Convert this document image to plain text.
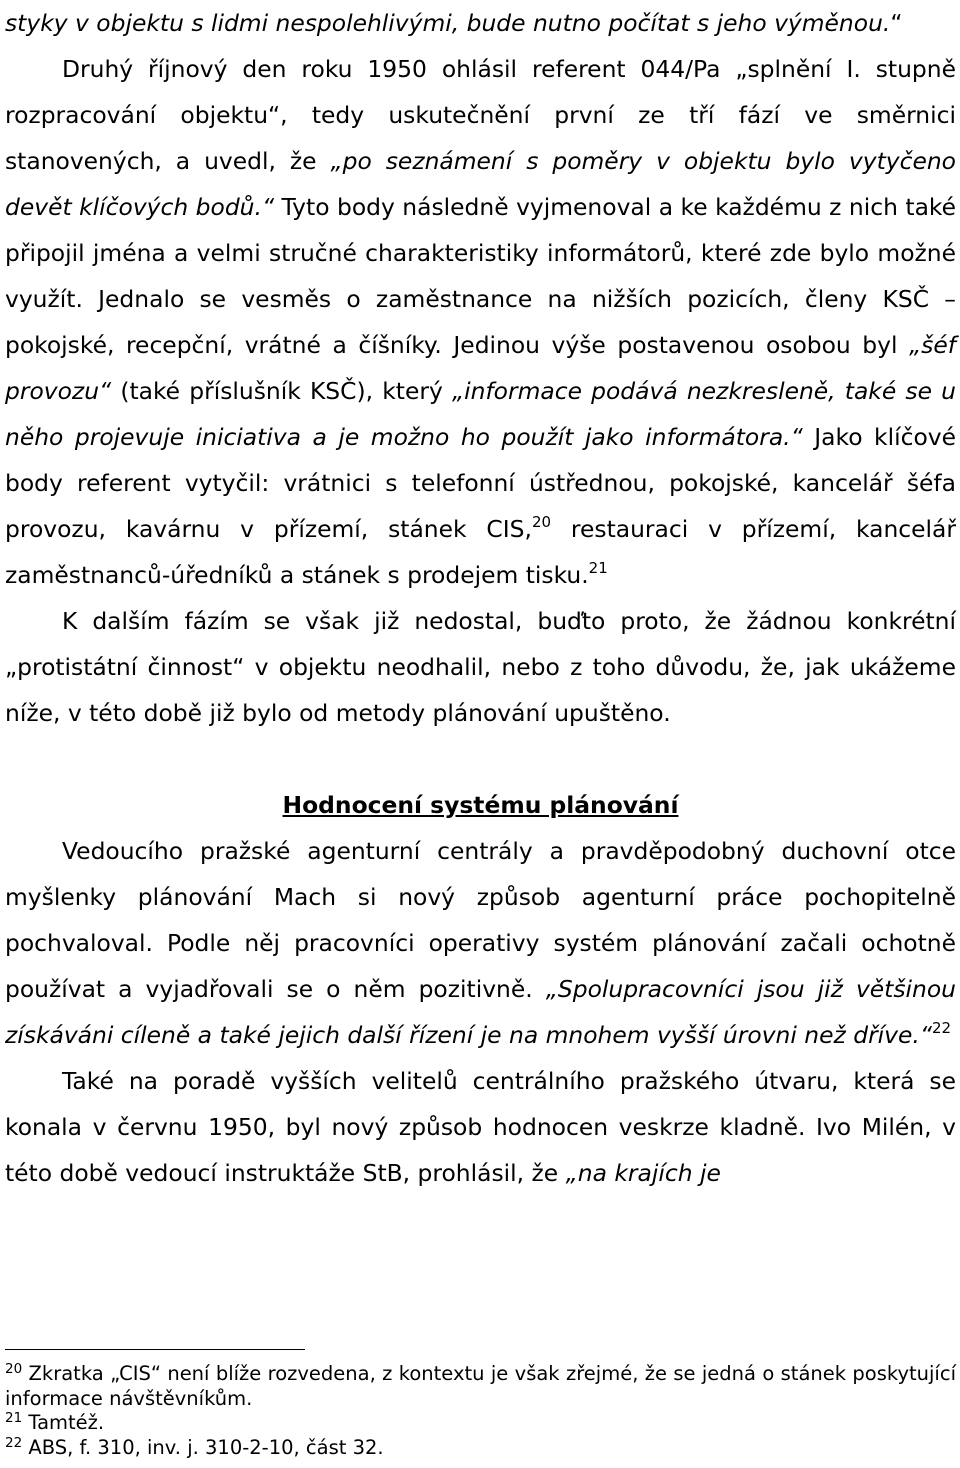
styky v objektu s lidmi nespolehlivými, bude nutno počítat s jeho výměnou.“

Druhý říjnový den roku 1950 ohlásil referent 044/Pa „splnění I. stupně rozpracování objektu“, tedy uskutečnění první ze tří fází ve směrnici stanovených, a uvedl, že „po seznámení s poměry v objektu bylo vytyčeno devět klíčových bodů.“ Tyto body následně vyjmenoval a ke každému z nich také připojil jména a velmi stručné charakteristiky informátorů, které zde bylo možné využít. Jednalo se vesměs o zaměstnance na nižších pozicích, členy KSČ – pokojské, recepční, vrátné a číšníky. Jedinou výše postavenou osobou byl „šéf provozu“ (také příslušník KSČ), který „informace podává nezkresleně, také se u něho projevuje iniciativa a je možno ho použít jako informátora.“ Jako klíčové body referent vytyčil: vrátnici s telefonní ústřednou, pokojské, kancelář šéfa provozu, kavárnu v přízemí, stánek CIS,$^{20}$ restauraci v přízemí, kancelář zaměstnanců-úředníků a stánek s prodejem tisku.$^{21}$

K dalším fázím se však již nedostal, buďto proto, že žádnou konkrétní „protistátní činnost“ v objektu neodhalil, nebo z toho důvodu, že, jak ukážeme níže, v této době již bylo od metody plánování upuštěno.

Hodnocení systému plánování

Vedoucího pražské agenturní centrály a pravděpodobný duchovní otce myšlenky plánování Mach si nový způsob agenturní práce pochopitelně pochvaloval. Podle něj pracovníci operativy systém plánování začali ochotně používat a vyjadřovali se o něm pozitivně. „Spolupracovníci jsou již většinou získáváni cíleně a také jejich další řízení je na mnohem vyšší úrovni než dříve.“$^{22}$

Také na poradě vyšších velitelů centrálního pražského útvaru, která se konala v červnu 1950, byl nový způsob hodnocen veskrze kladně. Ivo Milén, v této době vedoucí instruktáže StB, prohlásil, že „na krajích je

$^{20}$ Zkratka „CIS“ není blíže rozvedena, z kontextu je však zřejmé, že se jedná o stánek poskytující informace návštěvníkům.

$^{21}$ Tamtéž.

$^{22}$ ABS, f. 310, inv. j. 310-2-10, část 32.
